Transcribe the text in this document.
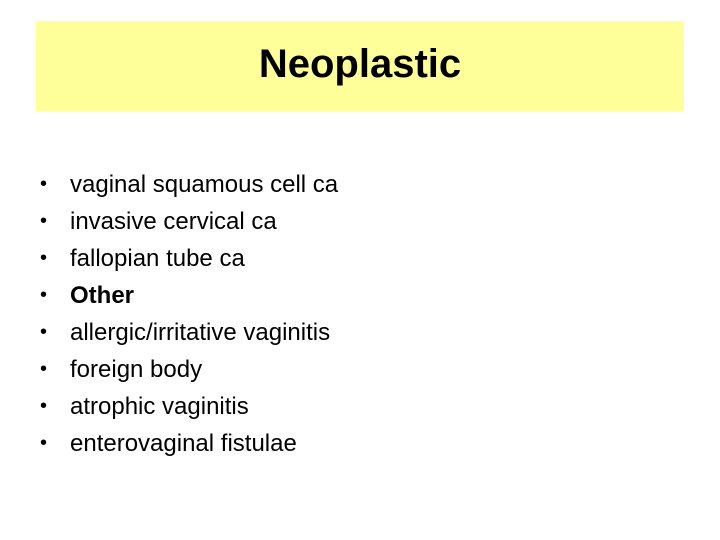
Neoplastic
• vaginal squamous cell ca
• invasive cervical ca
• fallopian tube ca
• Other
• allergic/irritative vaginitis
• foreign body
• atrophic vaginitis
• enterovaginal fistulae
